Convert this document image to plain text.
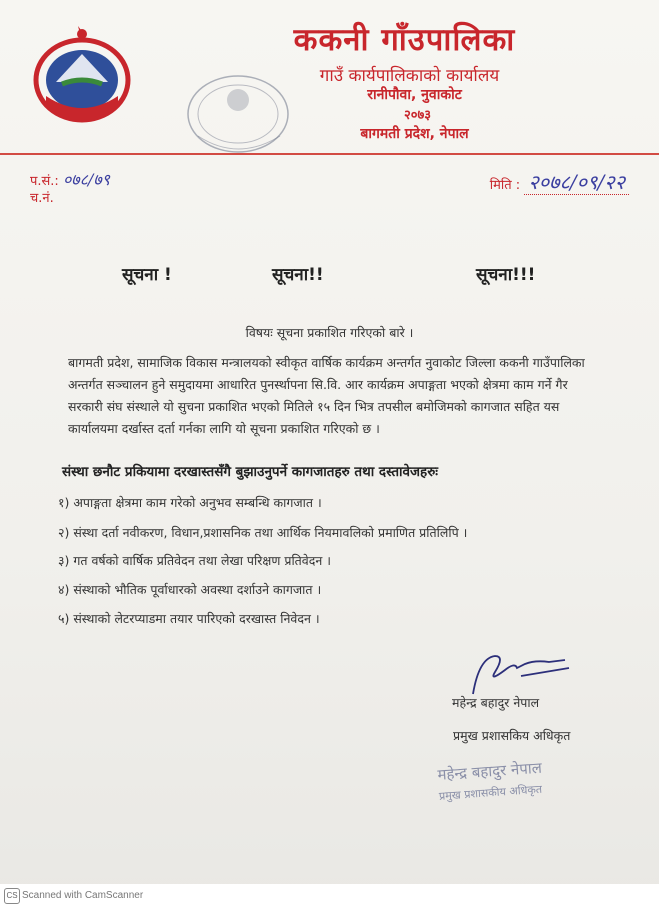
ककनी गाँउपालिका
गाउँ कार्यपालिकाको कार्यालय
रानीपौवा, नुवाकोट
२०७३
बागमती प्रदेश, नेपाल
प.सं.: ०७८/७९
च.नं.
मिति : २०७८/०९/२२
सूचना !	सूचना!!	सूचना!!!
विषयः सूचना प्रकाशित गरिएको बारे ।
बागमती प्रदेश, सामाजिक विकास मन्त्रालयको स्वीकृत वार्षिक कार्यक्रम अन्तर्गत नुवाकोट जिल्ला ककनी गाउँपालिका अन्तर्गत सञ्चालन हुने समुदायमा आधारित पुनर्स्थापना सि.वि. आर कार्यक्रम अपाङ्गता भएको क्षेत्रमा काम गर्ने गैर सरकारी संघ संस्थाले यो सुचना प्रकाशित भएको मितिले १५ दिन भित्र तपसील बमोजिमको कागजात सहित यस कार्यालयमा दर्खास्त दर्ता गर्नका लागि यो सूचना प्रकाशित गरिएको छ ।
संस्था छनौट प्रकियामा दरखास्तसँगै बुझाउनुपर्ने कागजातहरु तथा दस्तावेजहरुः
१) अपाङ्गता क्षेत्रमा काम गरेको अनुभव सम्बन्धि कागजात ।
२) संस्था दर्ता नवीकरण, विधान,प्रशासनिक तथा आर्थिक नियमावलिको प्रमाणित प्रतिलिपि ।
३) गत वर्षको वार्षिक प्रतिवेदन तथा लेखा परिक्षण प्रतिवेदन ।
४) संस्थाको भौतिक पूर्वाधारको अवस्था दर्शाउने कागजात ।
५) संस्थाको लेटरप्याडमा तयार पारिएको दरखास्त निवेदन ।
महेन्द्र बहादुर नेपाल
प्रमुख प्रशासकिय अधिकृत
महेन्द्र बहादुर नेपाल
प्रमुख प्रशासकीय अधिकृत
CS Scanned with CamScanner
